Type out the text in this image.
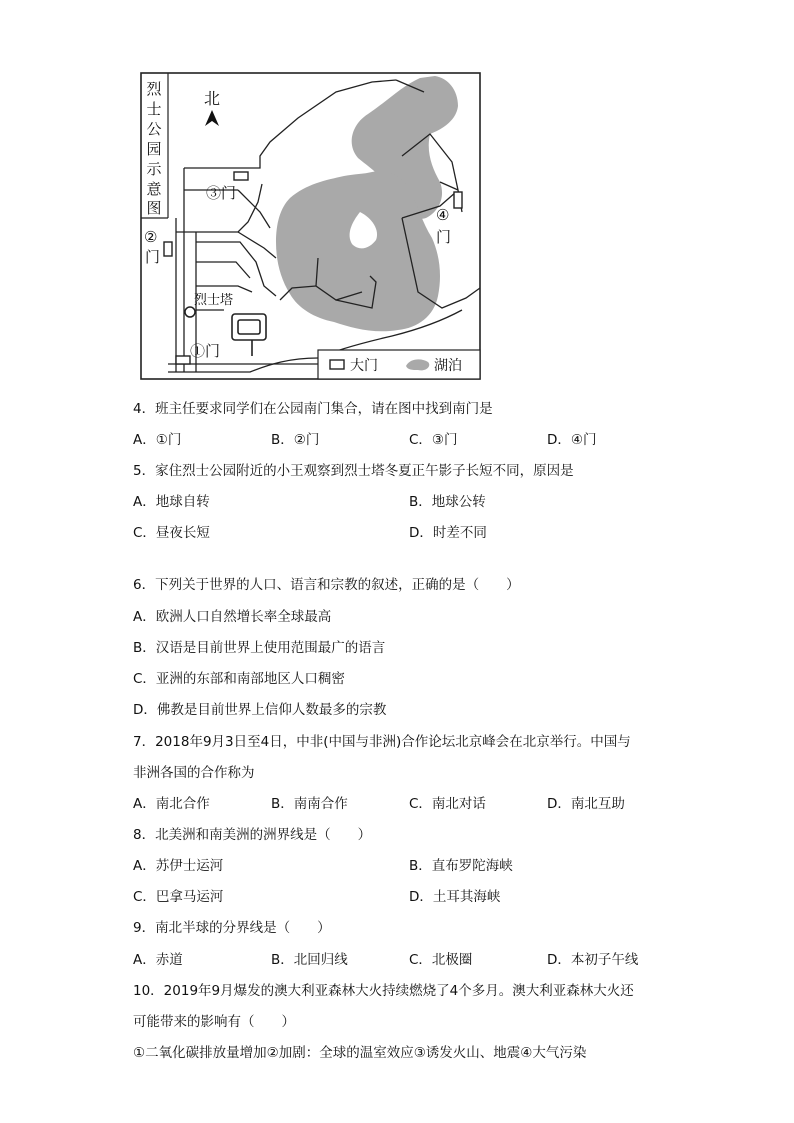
烈
士
公
园
示
意
图
北
③门
②
门
④
门
烈士塔
①门
大门	湖泊
4．班主任要求同学们在公园南门集合，请在图中找到南门是
A．①门	B．②门	C．③门	D．④门
5．家住烈士公园附近的小王观察到烈士塔冬夏正午影子长短不同，原因是
A．地球自转	B．地球公转
C．昼夜长短	D．时差不同
6．下列关于世界的人口、语言和宗教的叙述，正确的是（　　）
A．欧洲人口自然增长率全球最高
B．汉语是目前世界上使用范围最广的语言
C．亚洲的东部和南部地区人口稠密
D．佛教是目前世界上信仰人数最多的宗教
7．2018年9月3日至4日，中非(中国与非洲)合作论坛北京峰会在北京举行。中国与
非洲各国的合作称为
A．南北合作	B．南南合作	C．南北对话	D．南北互助
8．北美洲和南美洲的洲界线是（　　）
A．苏伊士运河	B．直布罗陀海峡
C．巴拿马运河	D．土耳其海峡
9．南北半球的分界线是（　　）
A．赤道	B．北回归线	C．北极圈	D．本初子午线
10．2019年9月爆发的澳大利亚森林大火持续燃烧了4个多月。澳大利亚森林大火还
可能带来的影响有（　　）
①二氧化碳排放量增加②加剧：全球的温室效应③诱发火山、地震④大气污染
